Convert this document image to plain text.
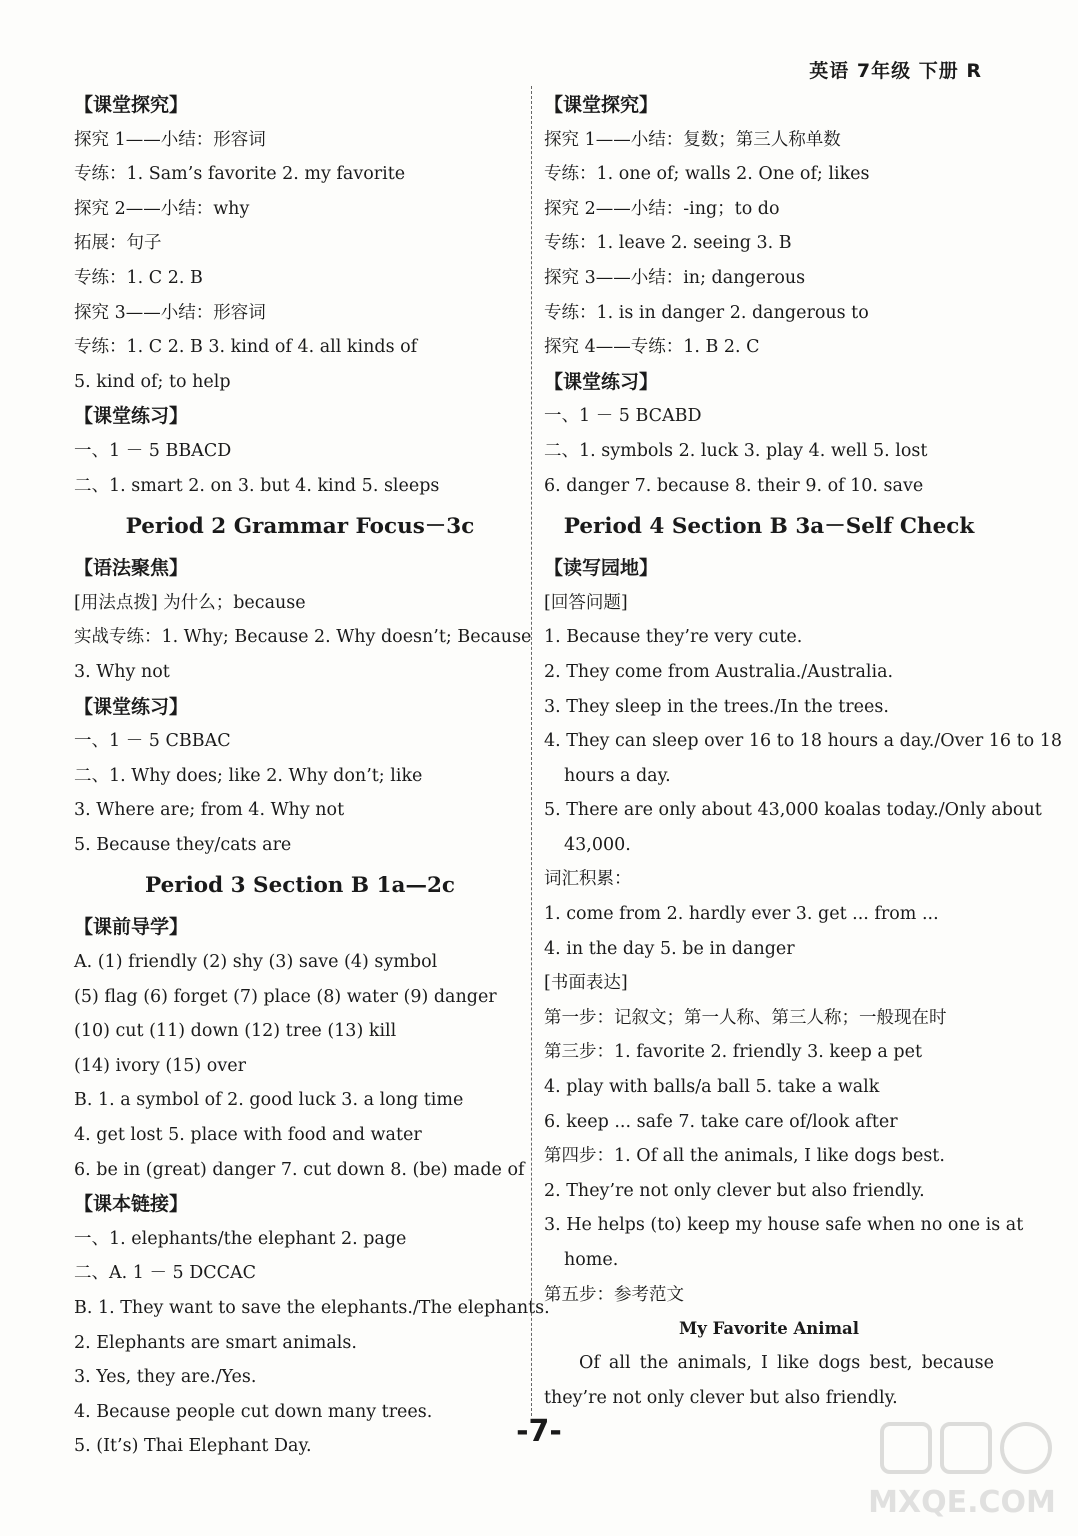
英语 7年级 下册 R
【课堂探究】
探究 1——小结：形容词
专练：1. Sam’s favorite 2. my favorite
探究 2——小结：why
拓展：句子
专练：1. C 2. B
探究 3——小结：形容词
专练：1. C 2. B 3. kind of 4. all kinds of
5. kind of; to help
【课堂练习】
一、1 － 5 BBACD
二、1. smart 2. on 3. but 4. kind 5. sleeps
Period 2 Grammar Focus－3c
【语法聚焦】
[用法点拨] 为什么；because
实战专练：1. Why; Because 2. Why doesn’t; Because
3. Why not
【课堂练习】
一、1 － 5 CBBAC
二、1. Why does; like 2. Why don’t; like
3. Where are; from 4. Why not
5. Because they/cats are
Period 3 Section B 1a—2c
【课前导学】
A. (1) friendly (2) shy (3) save (4) symbol
(5) flag (6) forget (7) place (8) water (9) danger
(10) cut (11) down (12) tree (13) kill
(14) ivory (15) over
B. 1. a symbol of 2. good luck 3. a long time
4. get lost 5. place with food and water
6. be in (great) danger 7. cut down 8. (be) made of
【课本链接】
一、1. elephants/the elephant 2. page
二、A. 1 － 5 DCCAC
B. 1. They want to save the elephants./The elephants.
2. Elephants are smart animals.
3. Yes, they are./Yes.
4. Because people cut down many trees.
5. (It’s) Thai Elephant Day.
【课堂探究】
探究 1——小结：复数；第三人称单数
专练：1. one of; walls 2. One of; likes
探究 2——小结：-ing；to do
专练：1. leave 2. seeing 3. B
探究 3——小结：in; dangerous
专练：1. is in danger 2. dangerous to
探究 4——专练：1. B 2. C
【课堂练习】
一、1 － 5 BCABD
二、1. symbols 2. luck 3. play 4. well 5. lost
6. danger 7. because 8. their 9. of 10. save
Period 4 Section B 3a－Self Check
【读写园地】
[回答问题]
1. Because they’re very cute.
2. They come from Australia./Australia.
3. They sleep in the trees./In the trees.
4. They can sleep over 16 to 18 hours a day./Over 16 to 18
hours a day.
5. There are only about 43,000 koalas today./Only about
43,000.
词汇积累：
1. come from 2. hardly ever 3. get ... from ...
4. in the day 5. be in danger
[书面表达]
第一步：记叙文；第一人称、第三人称；一般现在时
第三步：1. favorite 2. friendly 3. keep a pet
4. play with balls/a ball 5. take a walk
6. keep ... safe 7. take care of/look after
第四步：1. Of all the animals, I like dogs best.
2. They’re not only clever but also friendly.
3. He helps (to) keep my house safe when no one is at
home.
第五步：参考范文
My Favorite Animal
Of all the animals, I like dogs best, because they’re not only clever but also friendly.
-7-
MXQE.COM
